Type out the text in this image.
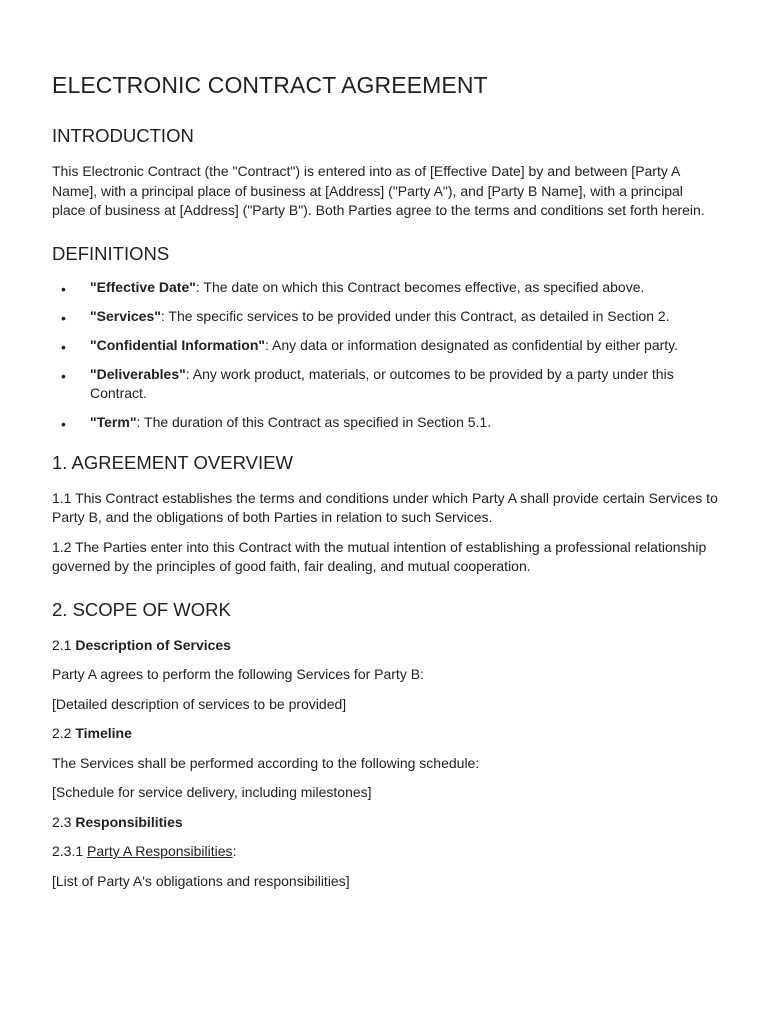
ELECTRONIC CONTRACT AGREEMENT
INTRODUCTION

This Electronic Contract (the "Contract") is entered into as of [Effective Date] by and between [Party A Name], with a principal place of business at [Address] ("Party A"), and [Party B Name], with a principal place of business at [Address] ("Party B"). Both Parties agree to the terms and conditions set forth herein.

DEFINITIONS
• "Effective Date": The date on which this Contract becomes effective, as specified above.
• "Services": The specific services to be provided under this Contract, as detailed in Section 2.
• "Confidential Information": Any data or information designated as confidential by either party.
• "Deliverables": Any work product, materials, or outcomes to be provided by a party under this Contract.
• "Term": The duration of this Contract as specified in Section 5.1.
1. AGREEMENT OVERVIEW

1.1 This Contract establishes the terms and conditions under which Party A shall provide certain Services to Party B, and the obligations of both Parties in relation to such Services.

1.2 The Parties enter into this Contract with the mutual intention of establishing a professional relationship governed by the principles of good faith, fair dealing, and mutual cooperation.

2. SCOPE OF WORK

2.1 Description of Services

Party A agrees to perform the following Services for Party B:

[Detailed description of services to be provided]

2.2 Timeline

The Services shall be performed according to the following schedule:

[Schedule for service delivery, including milestones]

2.3 Responsibilities

2.3.1 Party A Responsibilities:

[List of Party A's obligations and responsibilities]
